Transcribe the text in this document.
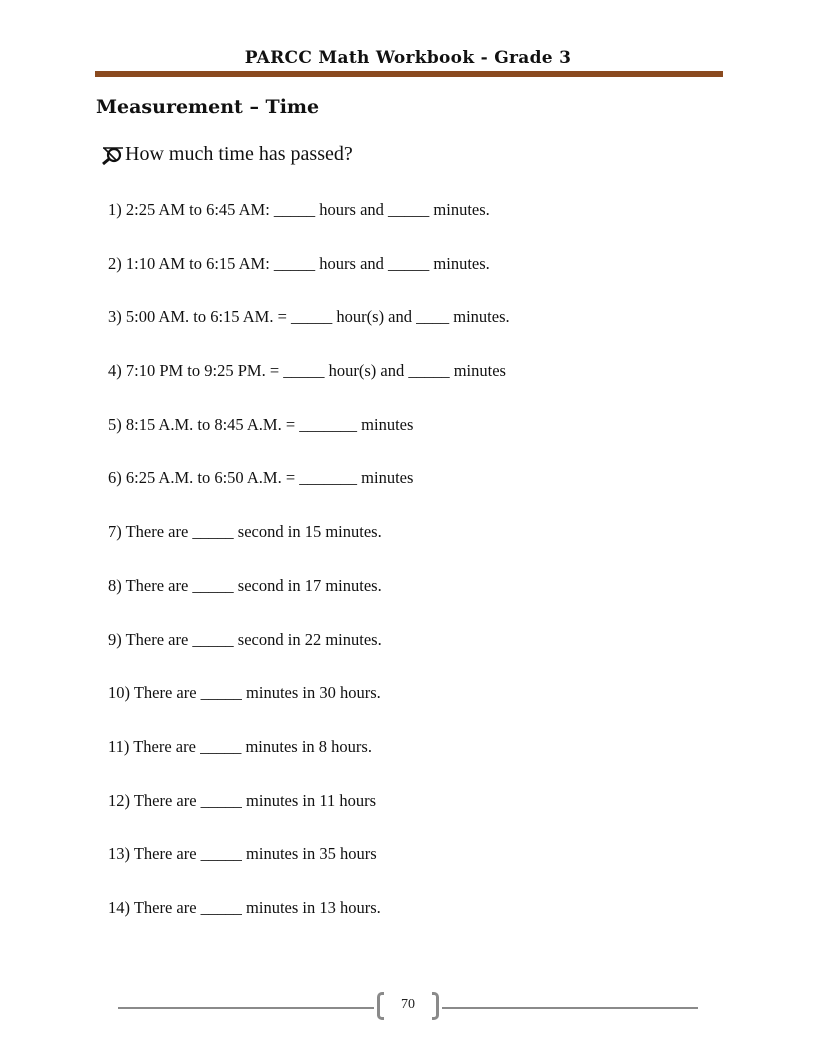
PARCC Math Workbook - Grade 3
Measurement – Time
How much time has passed?
1) 2:25 AM to 6:45 AM: _____ hours and _____ minutes.
2) 1:10 AM to 6:15 AM: _____ hours and _____ minutes.
3) 5:00 AM. to 6:15 AM. = _____ hour(s) and ____ minutes.
4) 7:10 PM to 9:25 PM. = _____ hour(s) and _____ minutes
5) 8:15 A.M. to 8:45 A.M. = _______ minutes
6) 6:25 A.M. to 6:50 A.M. = _______ minutes
7) There are _____ second in 15 minutes.
8) There are _____ second in 17 minutes.
9) There are _____ second in 22 minutes.
10) There are _____ minutes in 30 hours.
11) There are _____ minutes in 8 hours.
12) There are _____ minutes in 11 hours
13) There are _____ minutes in 35 hours
14) There are _____ minutes in 13 hours.
70
